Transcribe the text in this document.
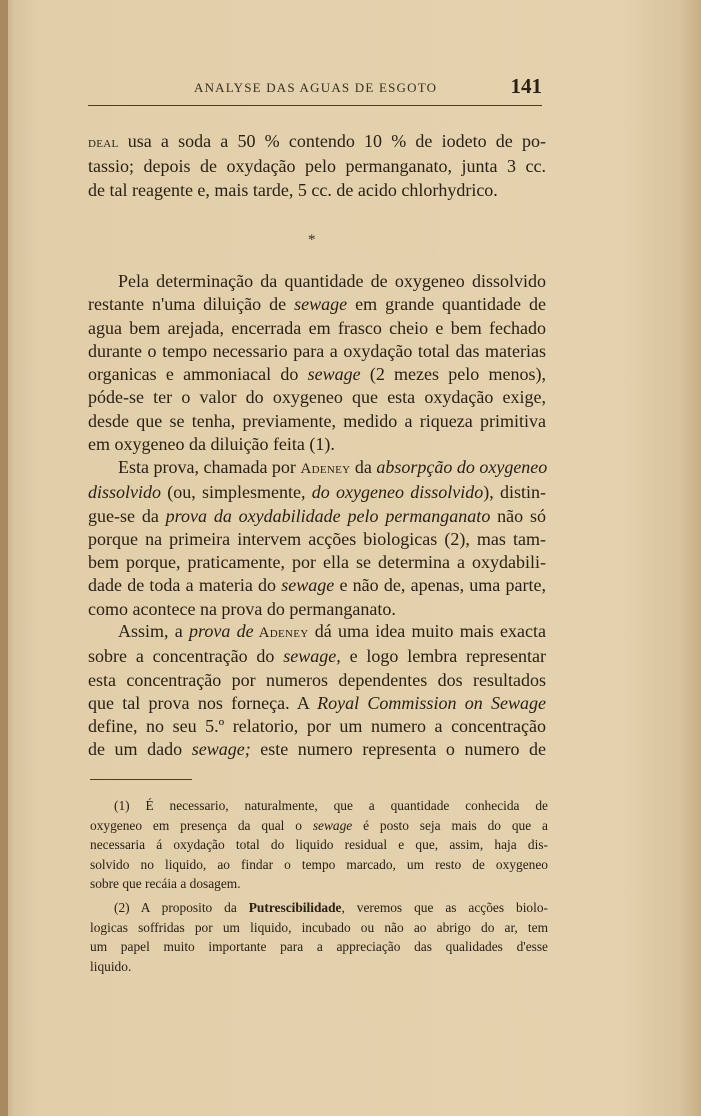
ANALYSE DAS AGUAS DE ESGOTO	141
deal usa a soda a 50 % contendo 10 % de iodeto de po-
tassio; depois de oxydação pelo permanganato, junta 3 cc.
de tal reagente e, mais tarde, 5 cc. de acido chlorhydrico.
*
Pela determinação da quantidade de oxygeneo dissolvido
restante n'uma diluição de sewage em grande quantidade de
agua bem arejada, encerrada em frasco cheio e bem fechado
durante o tempo necessario para a oxydação total das materias
organicas e ammoniacal do sewage (2 mezes pelo menos),
póde-se ter o valor do oxygeneo que esta oxydação exige,
desde que se tenha, previamente, medido a riqueza primitiva
em oxygeneo da diluição feita (1).
Esta prova, chamada por Adeney da absorpção do oxygeneo
dissolvido (ou, simplesmente, do oxygeneo dissolvido), distin-
gue-se da prova da oxydabilidade pelo permanganato não só
porque na primeira intervem acções biologicas (2), mas tam-
bem porque, praticamente, por ella se determina a oxydabili-
dade de toda a materia do sewage e não de, apenas, uma parte,
como acontece na prova do permanganato.
Assim, a prova de Adeney dá uma idea muito mais exacta
sobre a concentração do sewage, e logo lembra representar
esta concentração por numeros dependentes dos resultados
que tal prova nos forneça. A Royal Commission on Sewage
define, no seu 5.º relatorio, por um numero a concentração
de um dado sewage; este numero representa o numero de
(1) É necessario, naturalmente, que a quantidade conhecida de
oxygeneo em presença da qual o sewage é posto seja mais do que a
necessaria á oxydação total do liquido residual e que, assim, haja dis-
solvido no liquido, ao findar o tempo marcado, um resto de oxygeneo
sobre que recáia a dosagem.
(2) A proposito da Putrescibilidade, veremos que as acções biolo-
logicas soffridas por um liquido, incubado ou não ao abrigo do ar, tem
um papel muito importante para a appreciação das qualidades d'esse
liquido.
